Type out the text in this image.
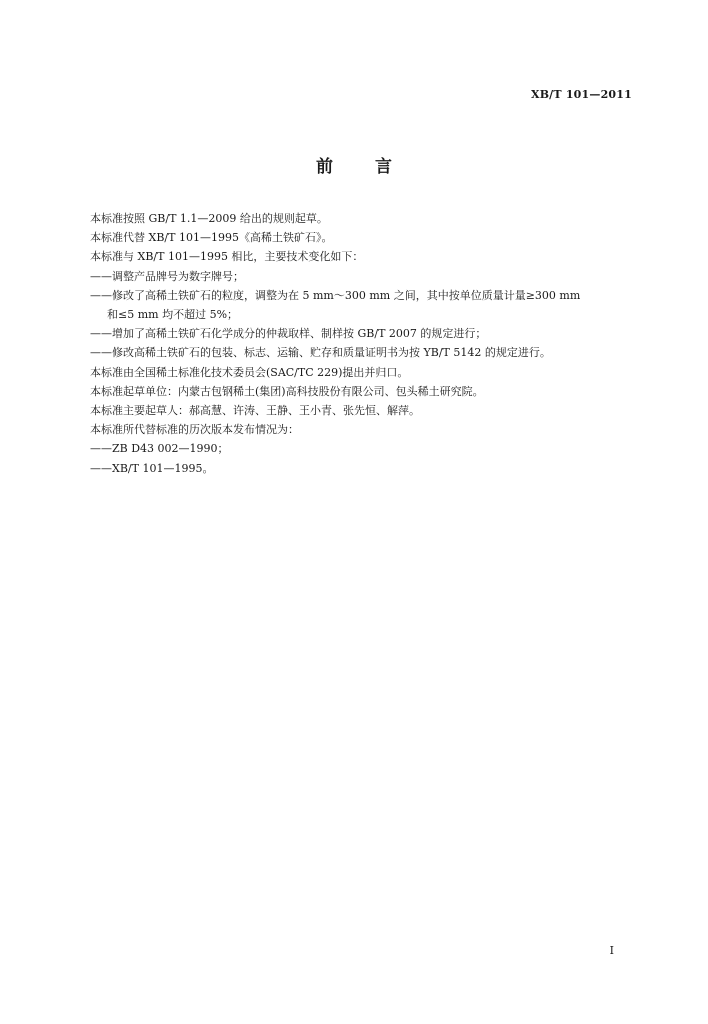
XB/T 101—2011
前言

本标准按照 GB/T 1.1—2009 给出的规则起草。

本标准代替 XB/T 101—1995《高稀土铁矿石》。

本标准与 XB/T 101—1995 相比，主要技术变化如下：

——调整产品牌号为数字牌号；

——修改了高稀土铁矿石的粒度，调整为在 5 mm～300 mm 之间，其中按单位质量计量≥300 mm

和≤5 mm 均不超过 5%；

——增加了高稀土铁矿石化学成分的仲裁取样、制样按 GB/T 2007 的规定进行；

——修改高稀土铁矿石的包装、标志、运输、贮存和质量证明书为按 YB/T 5142 的规定进行。

本标准由全国稀土标准化技术委员会(SAC/TC 229)提出并归口。

本标准起草单位：内蒙古包钢稀土(集团)高科技股份有限公司、包头稀土研究院。

本标准主要起草人：郝高慧、许涛、王静、王小青、张先恒、解萍。

本标准所代替标准的历次版本发布情况为：

——ZB D43 002—1990；

——XB/T 101—1995。

I
